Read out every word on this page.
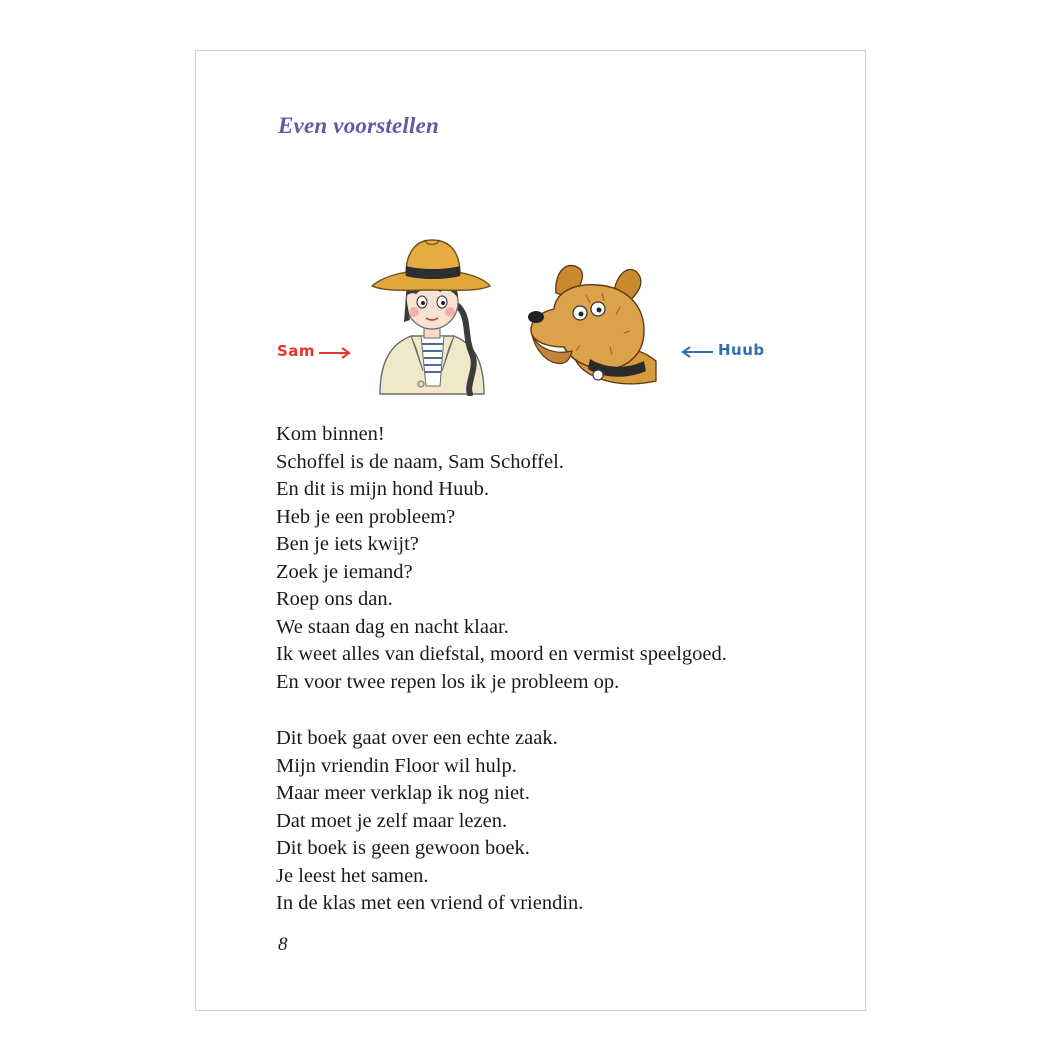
Even voorstellen
Sam	Huub
Kom binnen!
Schoffel is de naam, Sam Schoffel.
En dit is mijn hond Huub.
Heb je een probleem?
Ben je iets kwijt?
Zoek je iemand?
Roep ons dan.
We staan dag en nacht klaar.
Ik weet alles van diefstal, moord en vermist speelgoed.
En voor twee repen los ik je probleem op.
Dit boek gaat over een echte zaak.
Mijn vriendin Floor wil hulp.
Maar meer verklap ik nog niet.
Dat moet je zelf maar lezen.
Dit boek is geen gewoon boek.
Je leest het samen.
In de klas met een vriend of vriendin.
8
